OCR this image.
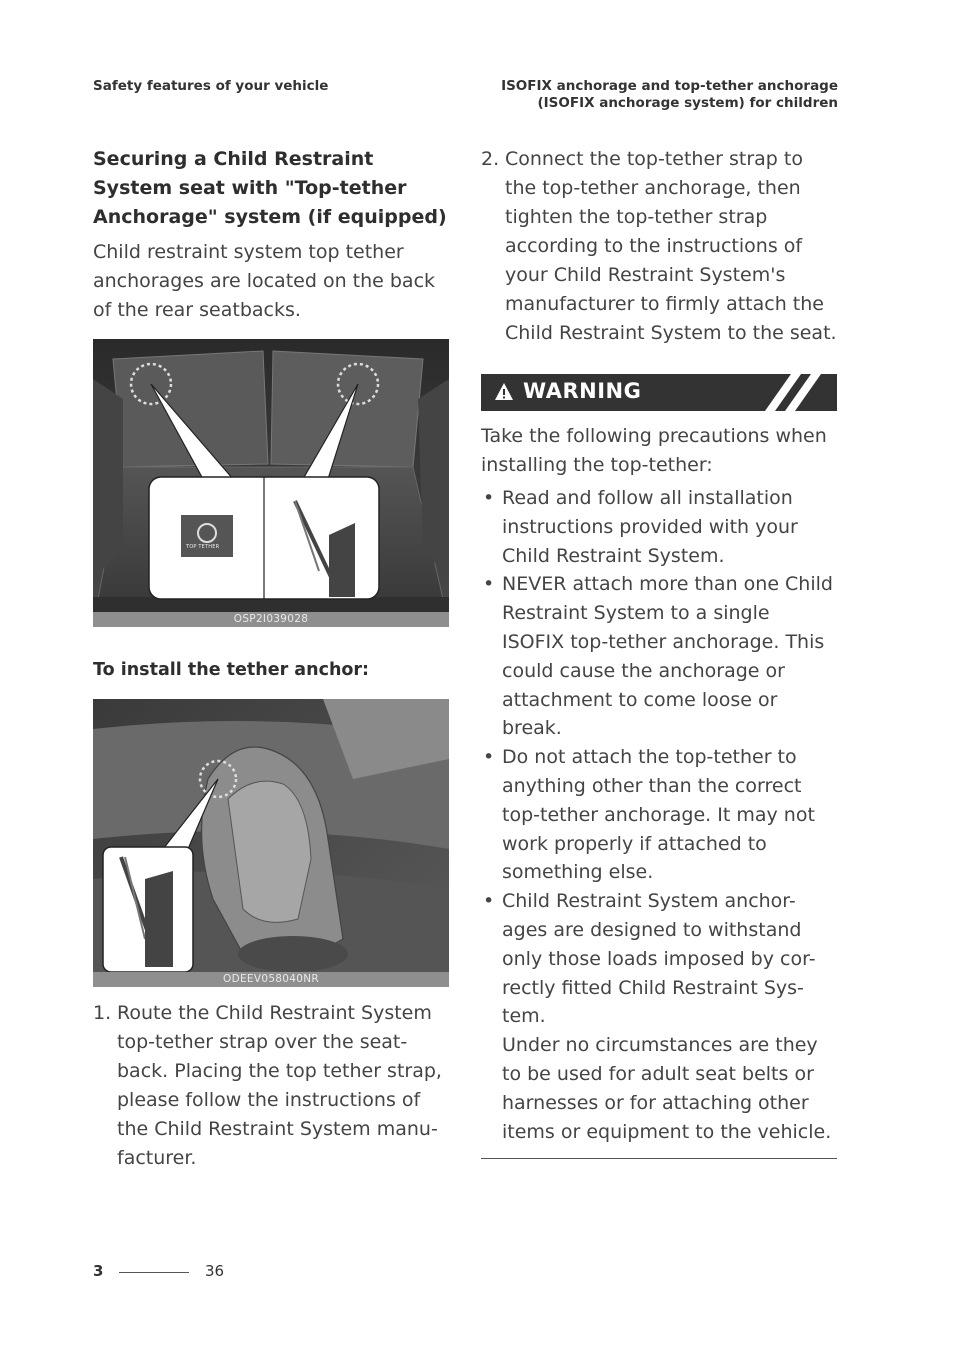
Safety features of your vehicle	ISOFIX anchorage and top-tether anchorage
(ISOFIX anchorage system) for children
Securing a Child Restraint System seat with "Top-tether Anchorage" system (if equipped)

Child restraint system top tether anchorages are located on the back of the rear seatbacks.

TOP TETHER
OSP2I039028
To install the tether anchor:
ODEEV058040NR
1. Route the Child Restraint System top-tether strap over the seat- back. Placing the top tether strap, please follow the instructions of the Child Restraint System manu- facturer.
2. Connect the top-tether strap to the top-tether anchorage, then tighten the top-tether strap according to the instructions of your Child Restraint System's manufacturer to firmly attach the Child Restraint System to the seat.
WARNING

Take the following precautions when installing the top-tether:

• Read and follow all installation instructions provided with your Child Restraint System.
• NEVER attach more than one Child Restraint System to a single ISOFIX top-tether anchorage. This could cause the anchorage or attachment to come loose or break.
• Do not attach the top-tether to anything other than the correct top-tether anchorage. It may not work properly if attached to something else.
• Child Restraint System anchor- ages are designed to withstand only those loads imposed by cor- rectly fitted Child Restraint Sys- tem.
Under no circumstances are they to be used for adult seat belts or harnesses or for attaching other items or equipment to the vehicle.
3	36
